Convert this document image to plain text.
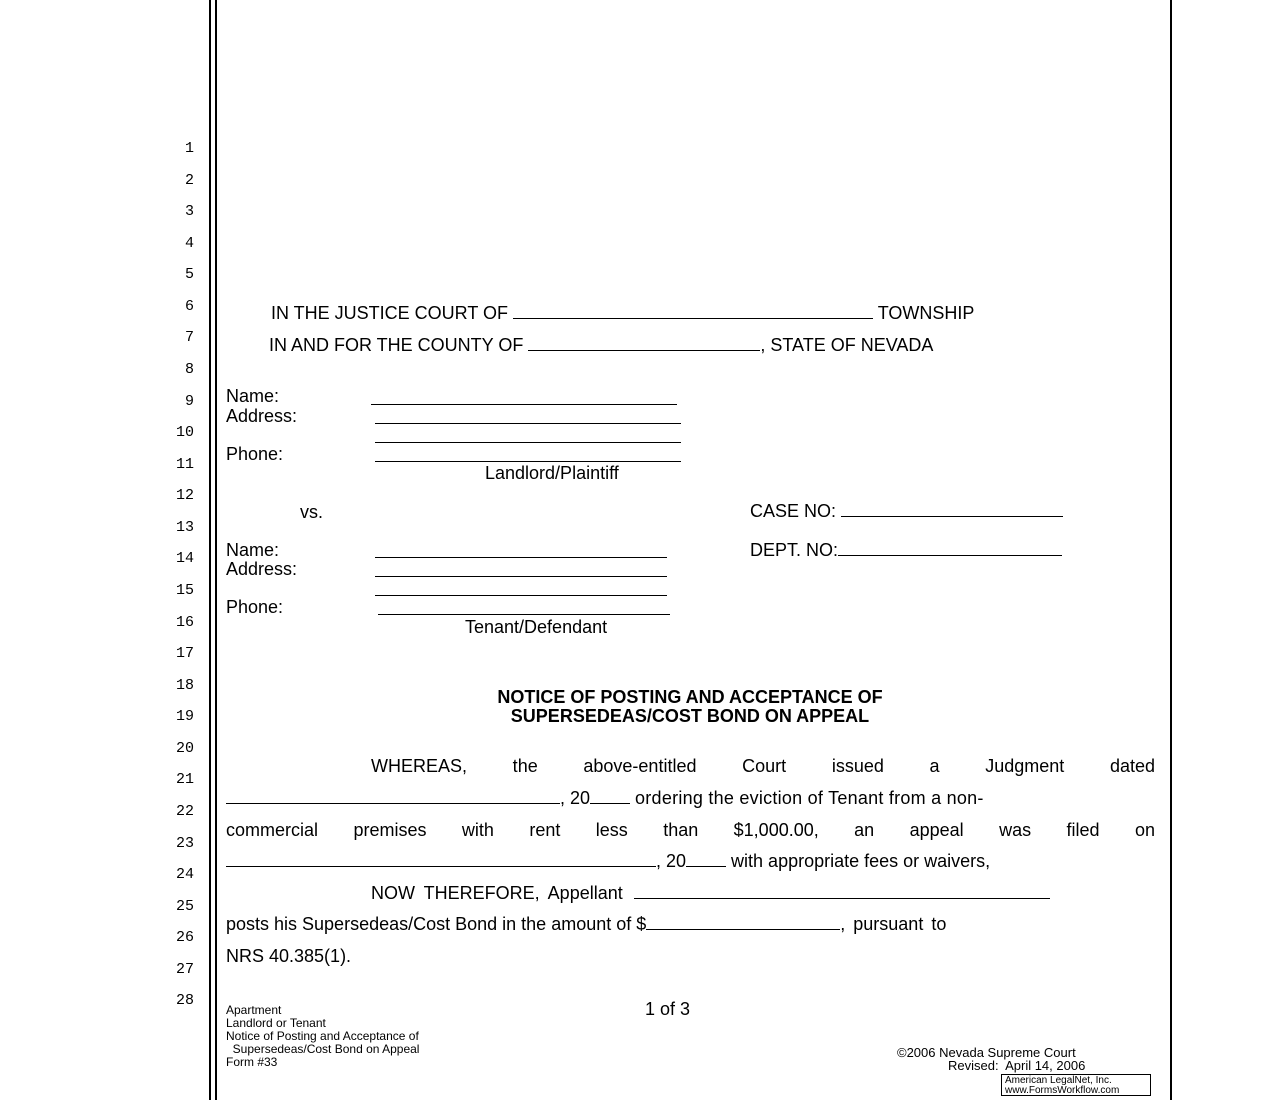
1
2
3
4
5
6
7
8
9
10
11
12
13
14
15
16
17
18
19
20
21
22
23
24
25
26
27
28
IN THE JUSTICE COURT OF	TOWNSHIP
IN AND FOR THE COUNTY OF	, STATE OF NEVADA
Name:
Address:
Phone:
Landlord/Plaintiff
vs.	CASE NO:
DEPT. NO:
Name:
Address:
Phone:
Tenant/Defendant
NOTICE OF POSTING AND ACCEPTANCE OF
SUPERSEDEAS/COST BOND ON APPEAL
WHEREAS, the above-entitled Court issued a Judgment dated
, 20	ordering the eviction of Tenant from a non-
commercial premises with rent less than $1,000.00, an appeal was filed on
, 20	with appropriate fees or waivers,
NOW THEREFORE, Appellant
posts his Supersedeas/Cost Bond in the amount of $	, pursuant to
NRS 40.385(1).
Apartment
Landlord or Tenant
Notice of Posting and Acceptance of
Supersedeas/Cost Bond on Appeal
Form #33
1 of 3
©2006 Nevada Supreme Court
Revised:  April 14, 2006
American LegalNet, Inc.
www.FormsWorkflow.com
